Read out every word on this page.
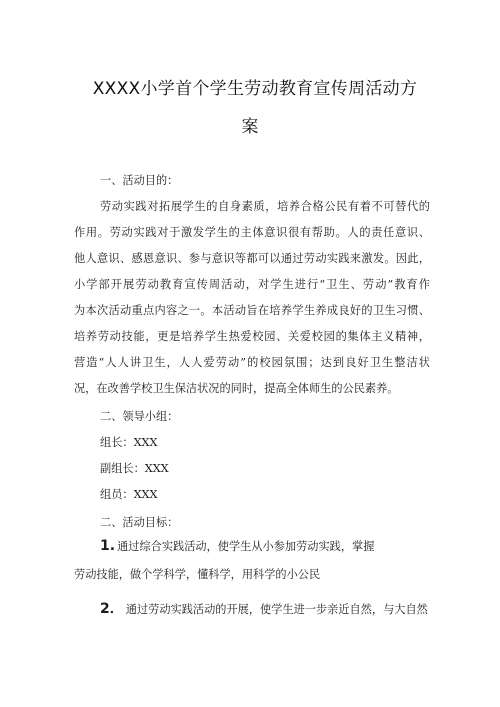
XXXX小学首个学生劳动教育宣传周活动方
案
一、活动目的：
劳动实践对拓展学生的自身素质，培养合格公民有着不可替代的
作用。劳动实践对于激发学生的主体意识很有帮助。人的责任意识、
他人意识、感恩意识、参与意识等都可以通过劳动实践来激发。因此，
小学部开展劳动教育宣传周活动，对学生进行“卫生、劳动”教育作
为本次活动重点内容之一。本活动旨在培养学生养成良好的卫生习惯、
培养劳动技能，更是培养学生热爱校园、关爱校园的集体主义精神，
营造“人人讲卫生，人人爱劳动”的校园氛围；达到良好卫生整洁状
况，在改善学校卫生保洁状况的同时，提高全体师生的公民素养。
二、领导小组：
组长：XXX
副组长：XXX
组员：XXX
二、活动目标：
1. 通过综合实践活动，使学生从小参加劳动实践，掌握
劳动技能，做个学科学，懂科学，用科学的小公民
2． 通过劳动实践活动的开展，使学生进一步亲近自然，与大自然
